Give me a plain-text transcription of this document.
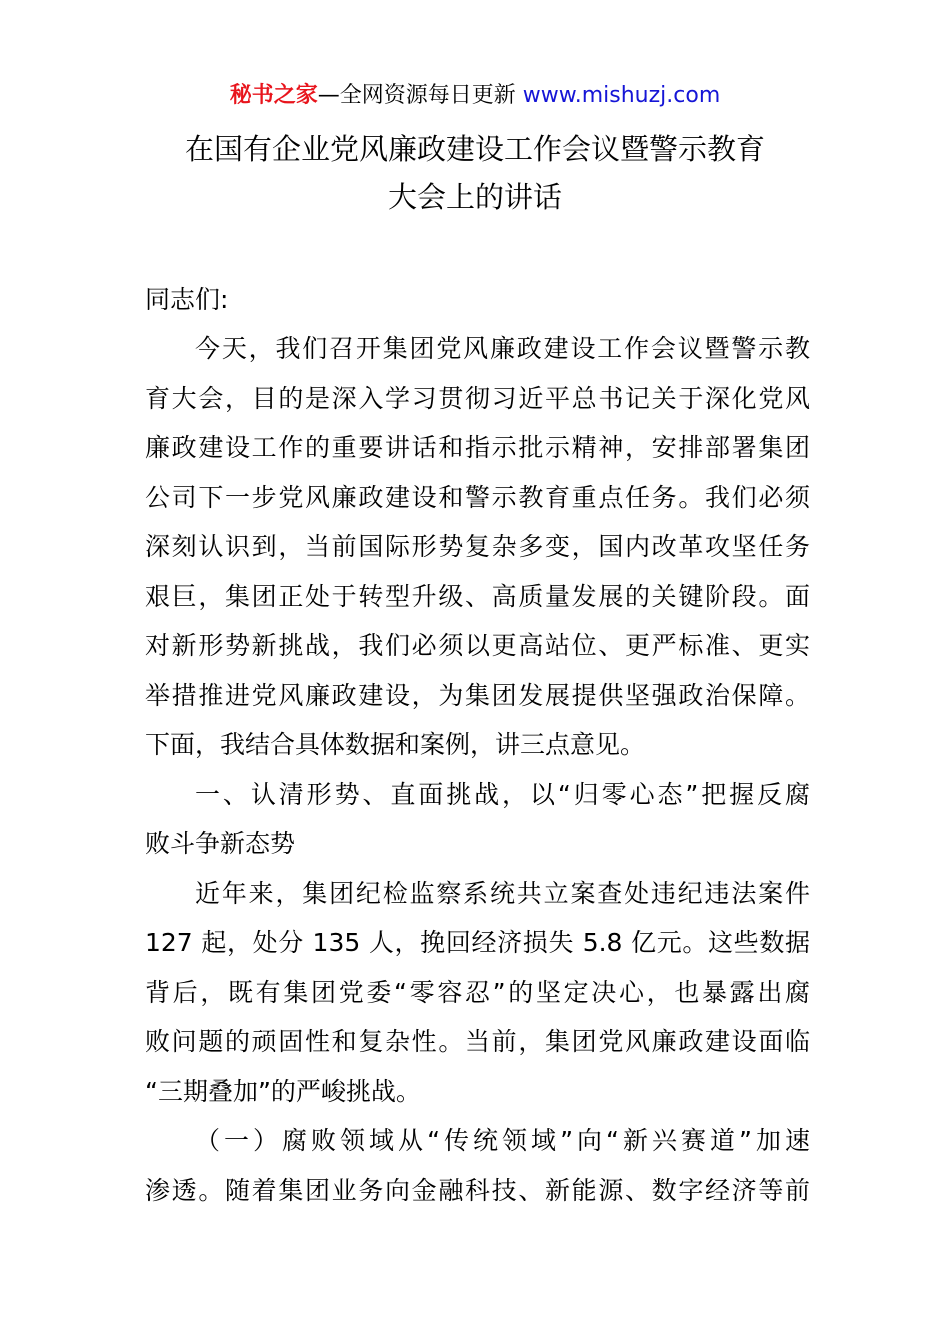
秘书之家—全网资源每日更新 www.mishuzj.com
在国有企业党风廉政建设工作会议暨警示教育
大会上的讲话
同志们:
今天，我们召开集团党风廉政建设工作会议暨警示教
育大会，目的是深入学习贯彻习近平总书记关于深化党风
廉政建设工作的重要讲话和指示批示精神，安排部署集团
公司下一步党风廉政建设和警示教育重点任务。我们必须
深刻认识到，当前国际形势复杂多变，国内改革攻坚任务
艰巨，集团正处于转型升级、高质量发展的关键阶段。面
对新形势新挑战，我们必须以更高站位、更严标准、更实
举措推进党风廉政建设，为集团发展提供坚强政治保障。
下面，我结合具体数据和案例，讲三点意见。
一、认清形势、直面挑战，以“归零心态”把握反腐
败斗争新态势
近年来，集团纪检监察系统共立案查处违纪违法案件
127 起，处分 135 人，挽回经济损失 5.8 亿元。这些数据
背后，既有集团党委“零容忍”的坚定决心，也暴露出腐
败问题的顽固性和复杂性。当前，集团党风廉政建设面临
“三期叠加”的严峻挑战。
（一）腐败领域从“传统领域”向“新兴赛道”加速
渗透。随着集团业务向金融科技、新能源、数字经济等前
